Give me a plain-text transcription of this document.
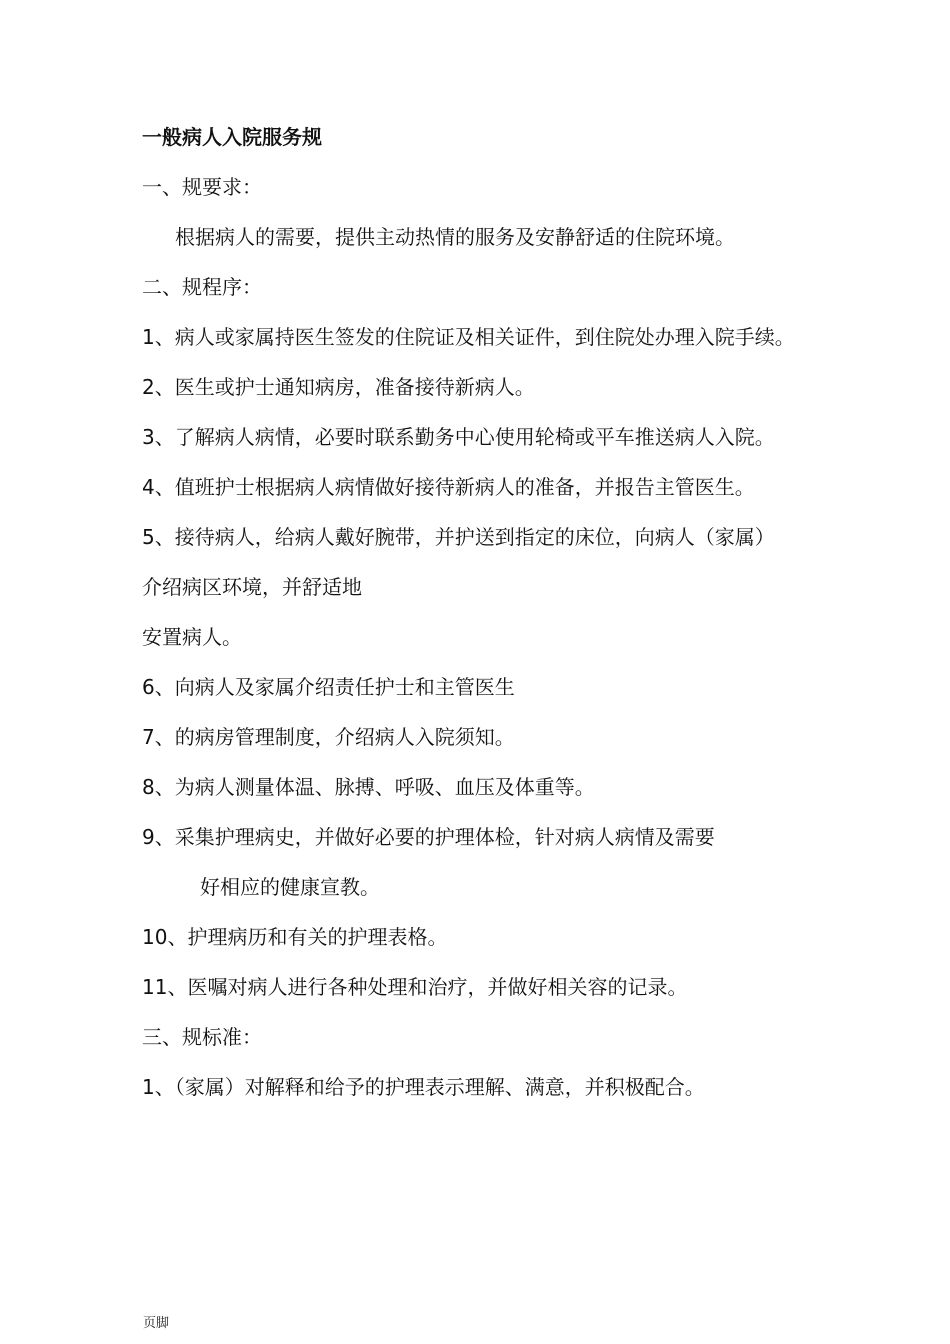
一般病人入院服务规
一、规要求：
根据病人的需要，提供主动热情的服务及安静舒适的住院环境。
二、规程序：
1、病人或家属持医生签发的住院证及相关证件，到住院处办理入院手续。
2、医生或护士通知病房，准备接待新病人。
3、了解病人病情，必要时联系勤务中心使用轮椅或平车推送病人入院。
4、值班护士根据病人病情做好接待新病人的准备，并报告主管医生。
5、接待病人，给病人戴好腕带，并护送到指定的床位，向病人（家属）
介绍病区环境，并舒适地
安置病人。
6、向病人及家属介绍责任护士和主管医生
7、的病房管理制度，介绍病人入院须知。
8、为病人测量体温、脉搏、呼吸、血压及体重等。
9、采集护理病史，并做好必要的护理体检，针对病人病情及需要
好相应的健康宣教。
10、护理病历和有关的护理表格。
11、医嘱对病人进行各种处理和治疗，并做好相关容的记录。
三、规标准：
1、（家属）对解释和给予的护理表示理解、满意，并积极配合。
页脚
